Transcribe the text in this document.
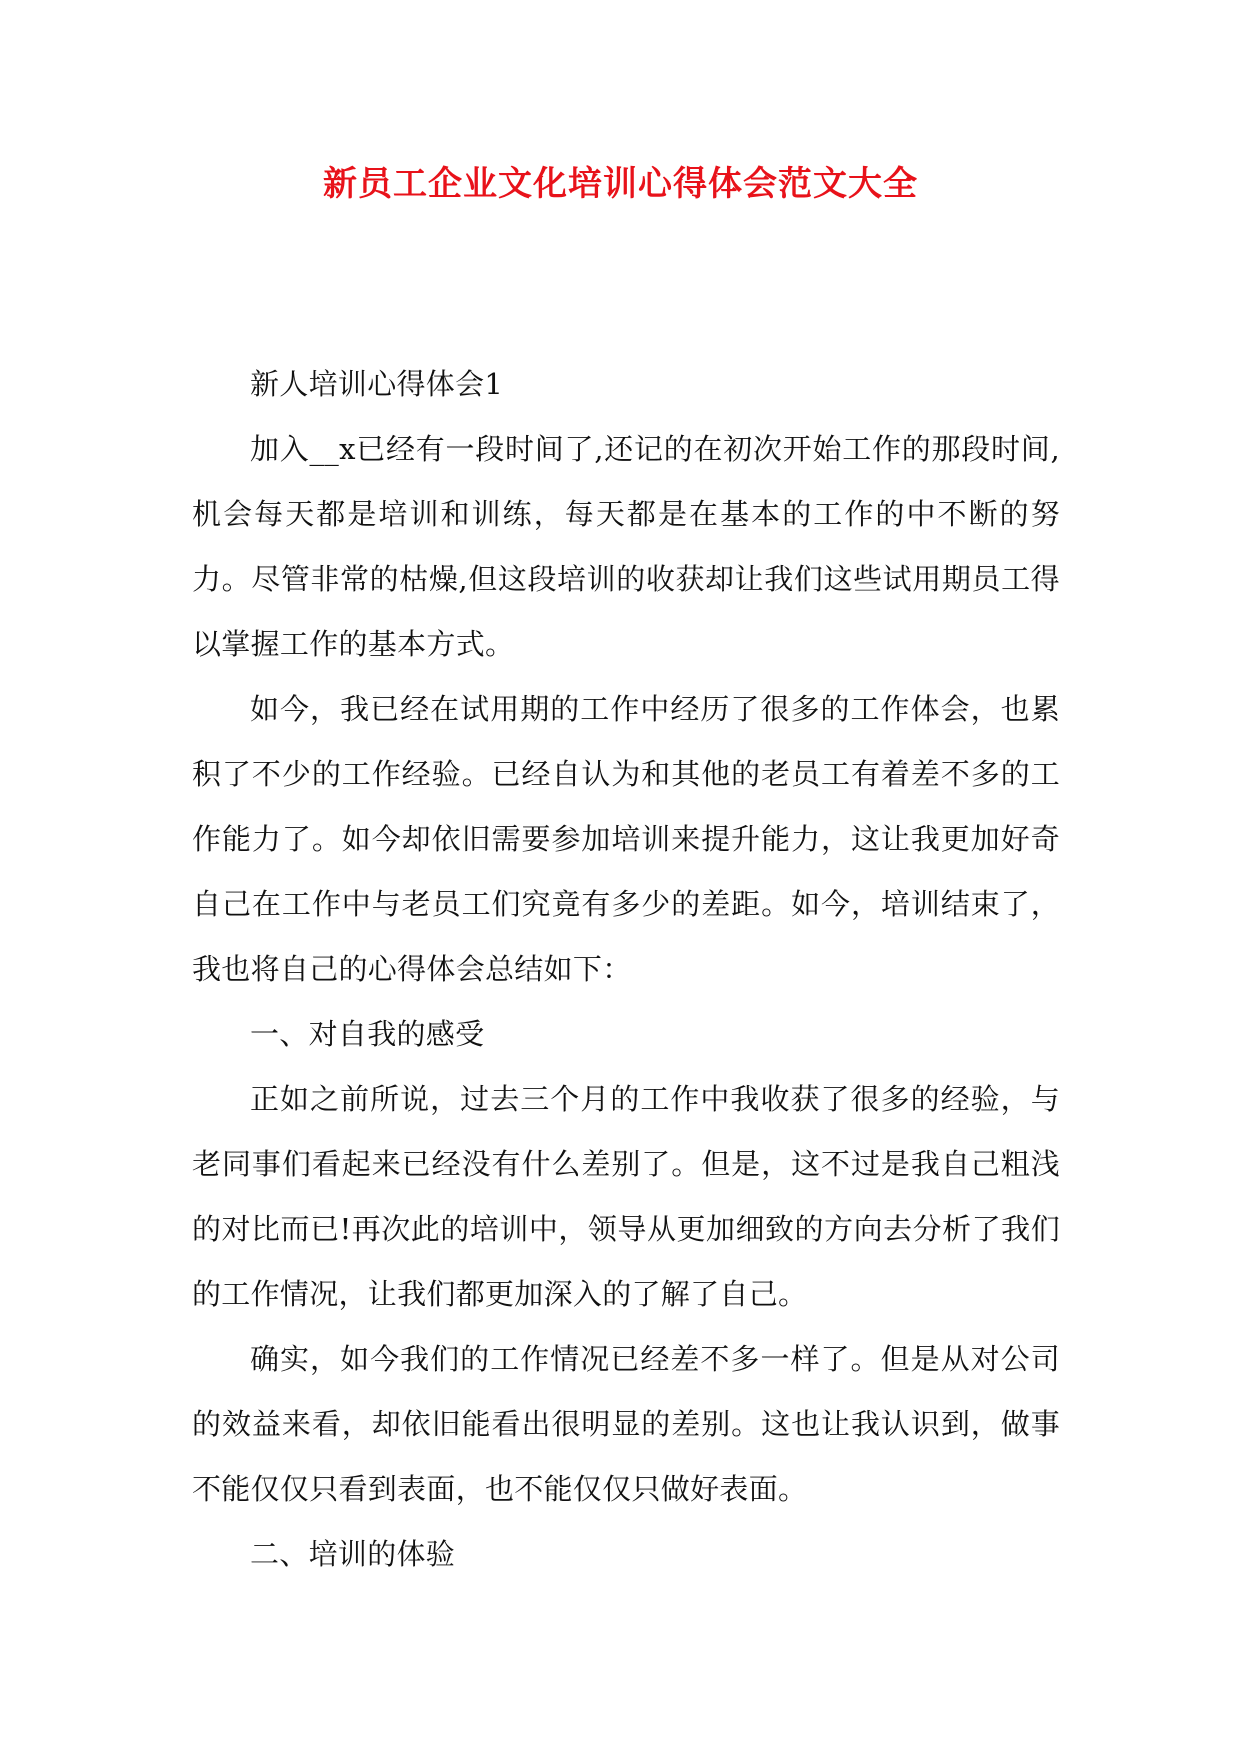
新员工企业文化培训心得体会范文大全

新人培训心得体会1

加入__x已经有一段时间了,还记的在初次开始工作的那段时间,机会每天都是培训和训练，每天都是在基本的工作的中不断的努力。尽管非常的枯燥,但这段培训的收获却让我们这些试用期员工得以掌握工作的基本方式。

如今，我已经在试用期的工作中经历了很多的工作体会，也累积了不少的工作经验。已经自认为和其他的老员工有着差不多的工作能力了。如今却依旧需要参加培训来提升能力，这让我更加好奇自己在工作中与老员工们究竟有多少的差距。如今，培训结束了，我也将自己的心得体会总结如下：

一、对自我的感受

正如之前所说，过去三个月的工作中我收获了很多的经验，与老同事们看起来已经没有什么差别了。但是，这不过是我自己粗浅的对比而已!再次此的培训中，领导从更加细致的方向去分析了我们的工作情况，让我们都更加深入的了解了自己。

确实，如今我们的工作情况已经差不多一样了。但是从对公司的效益来看，却依旧能看出很明显的差别。这也让我认识到，做事不能仅仅只看到表面，也不能仅仅只做好表面。

二、培训的体验
